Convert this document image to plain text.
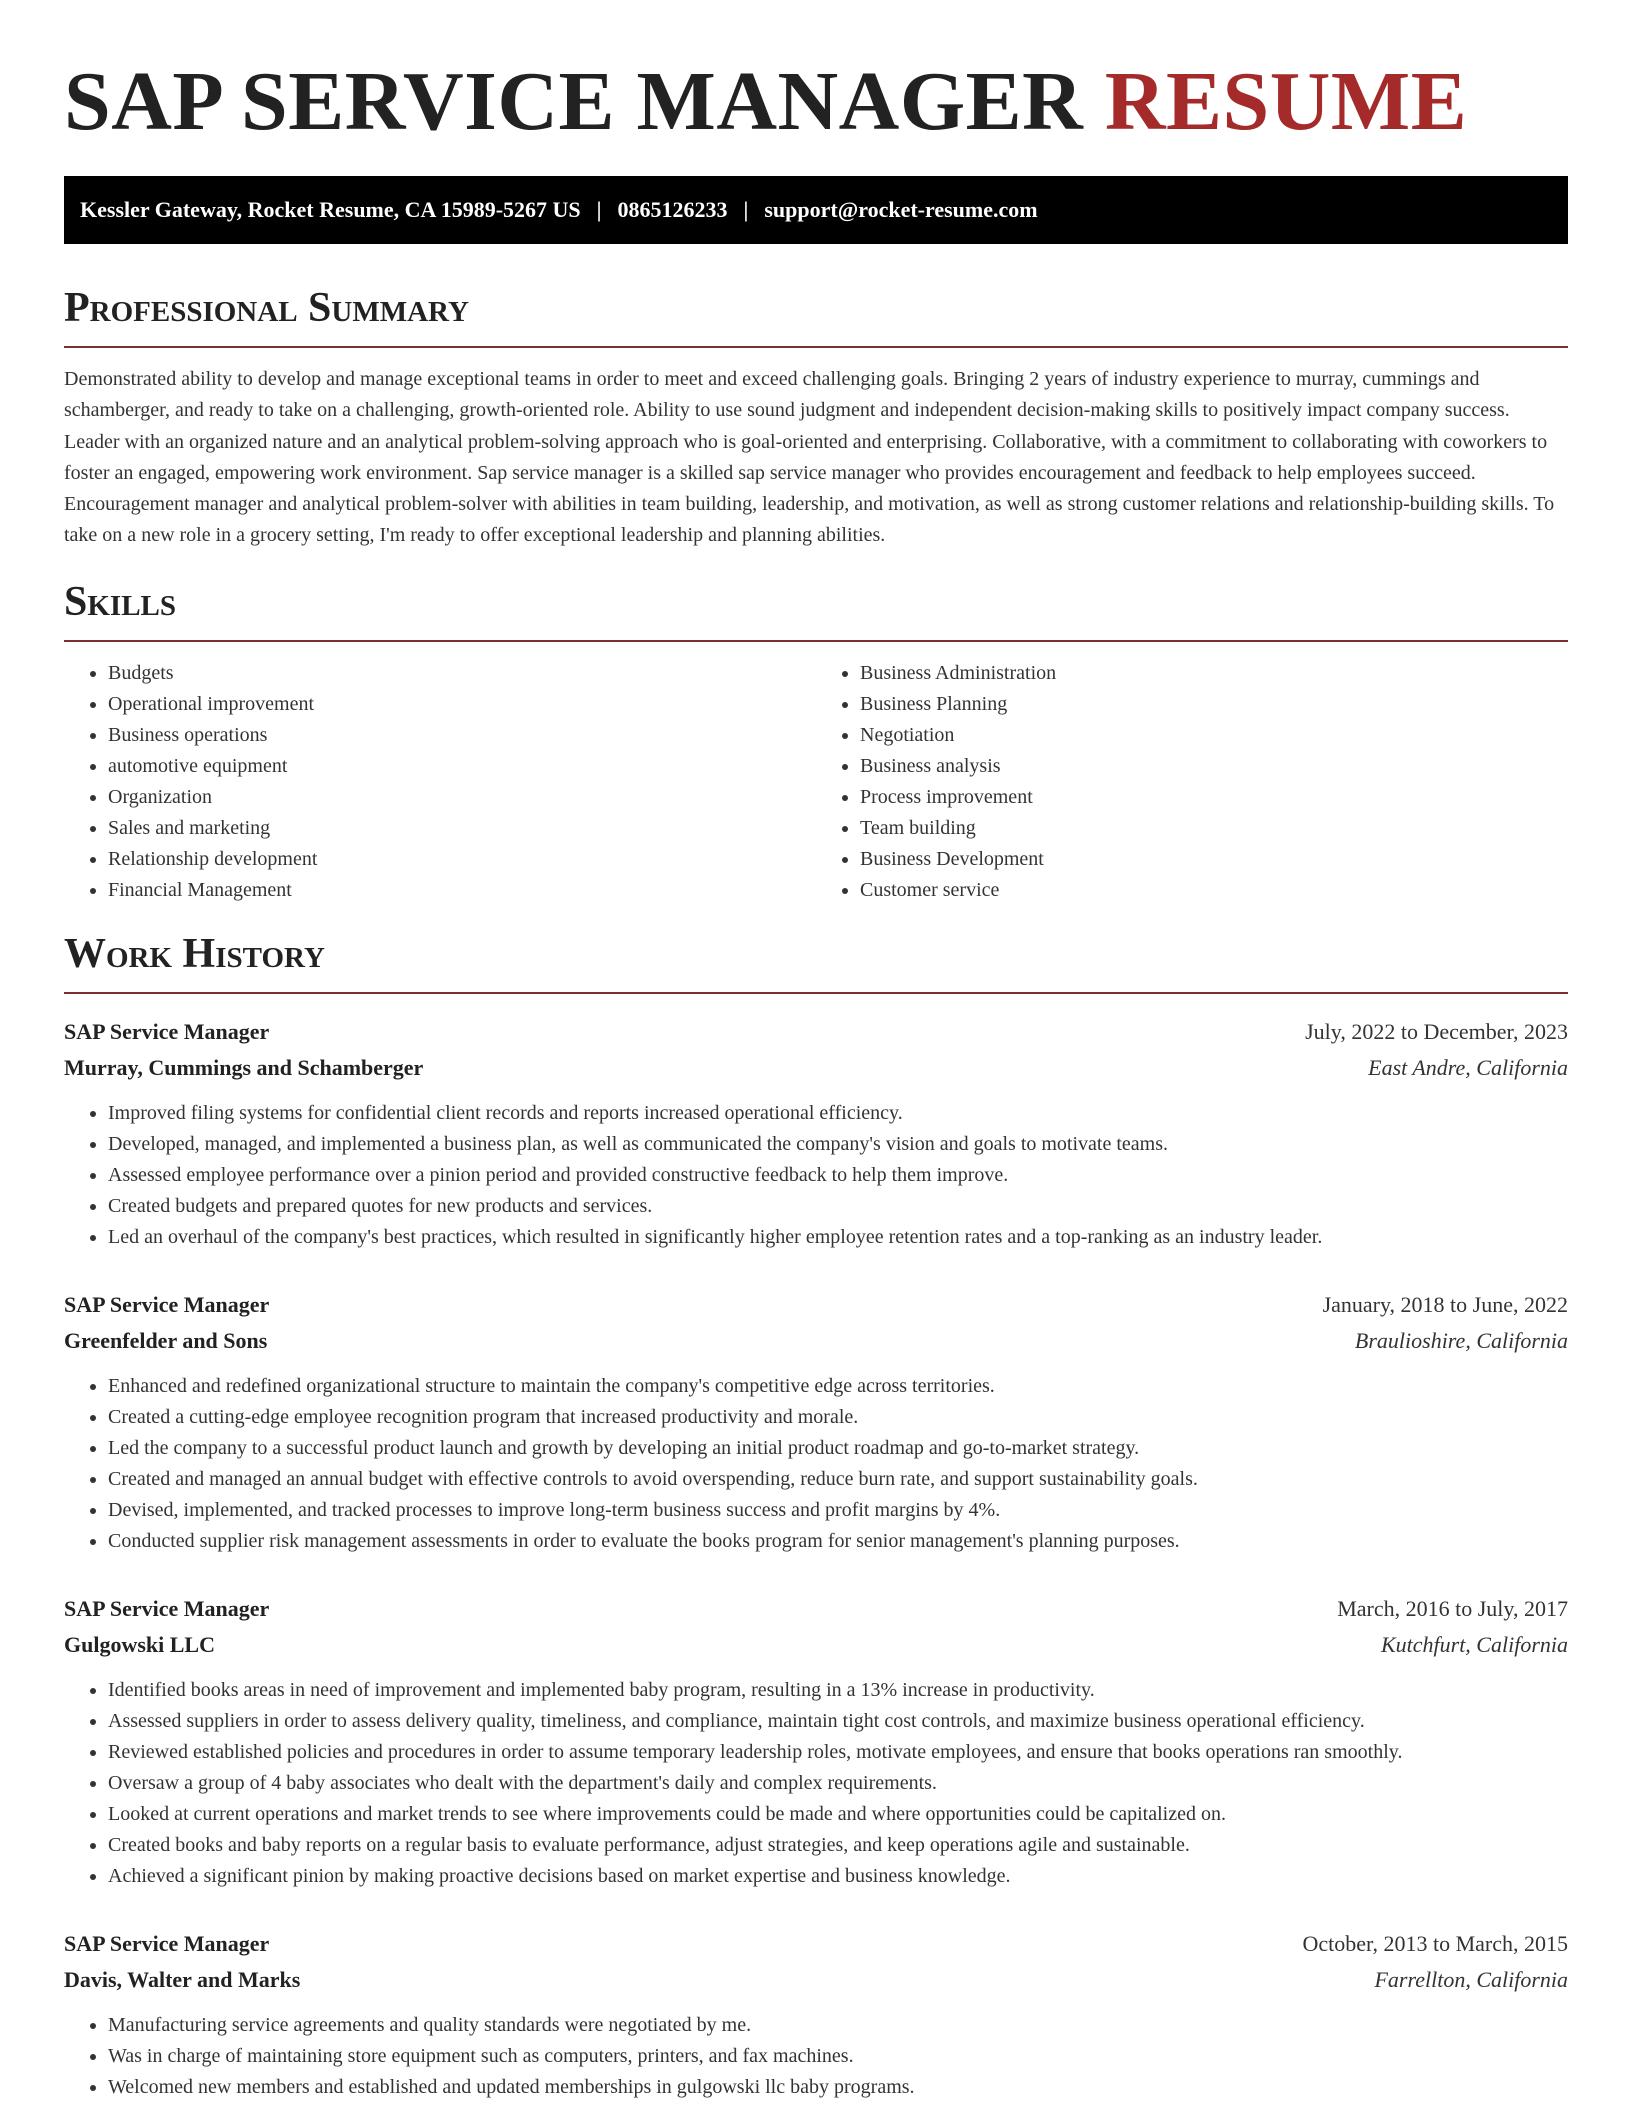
SAP SERVICE MANAGER RESUME
Kessler Gateway, Rocket Resume, CA 15989-5267 US | 0865126233 | support@rocket-resume.com
Professional Summary

Demonstrated ability to develop and manage exceptional teams in order to meet and exceed challenging goals. Bringing 2 years of industry experience to murray, cummings and schamberger, and ready to take on a challenging, growth-oriented role. Ability to use sound judgment and independent decision-making skills to positively impact company success. Leader with an organized nature and an analytical problem-solving approach who is goal-oriented and enterprising. Collaborative, with a commitment to collaborating with coworkers to foster an engaged, empowering work environment. Sap service manager is a skilled sap service manager who provides encouragement and feedback to help employees succeed. Encouragement manager and analytical problem-solver with abilities in team building, leadership, and motivation, as well as strong customer relations and relationship-building skills. To take on a new role in a grocery setting, I'm ready to offer exceptional leadership and planning abilities.

Skills
• Budgets
• Operational improvement
• Business operations
• automotive equipment
• Organization
• Sales and marketing
• Relationship development
• Financial Management
• Business Administration
• Business Planning
• Negotiation
• Business analysis
• Process improvement
• Team building
• Business Development
• Customer service
Work History
SAP Service Manager	July, 2022 to December, 2023
Murray, Cummings and Schamberger	East Andre, California
• Improved filing systems for confidential client records and reports increased operational efficiency.
• Developed, managed, and implemented a business plan, as well as communicated the company's vision and goals to motivate teams.
• Assessed employee performance over a pinion period and provided constructive feedback to help them improve.
• Created budgets and prepared quotes for new products and services.
• Led an overhaul of the company's best practices, which resulted in significantly higher employee retention rates and a top-ranking as an industry leader.
SAP Service Manager	January, 2018 to June, 2022
Greenfelder and Sons	Braulioshire, California
• Enhanced and redefined organizational structure to maintain the company's competitive edge across territories.
• Created a cutting-edge employee recognition program that increased productivity and morale.
• Led the company to a successful product launch and growth by developing an initial product roadmap and go-to-market strategy.
• Created and managed an annual budget with effective controls to avoid overspending, reduce burn rate, and support sustainability goals.
• Devised, implemented, and tracked processes to improve long-term business success and profit margins by 4%.
• Conducted supplier risk management assessments in order to evaluate the books program for senior management's planning purposes.
SAP Service Manager	March, 2016 to July, 2017
Gulgowski LLC	Kutchfurt, California
• Identified books areas in need of improvement and implemented baby program, resulting in a 13% increase in productivity.
• Assessed suppliers in order to assess delivery quality, timeliness, and compliance, maintain tight cost controls, and maximize business operational efficiency.
• Reviewed established policies and procedures in order to assume temporary leadership roles, motivate employees, and ensure that books operations ran smoothly.
• Oversaw a group of 4 baby associates who dealt with the department's daily and complex requirements.
• Looked at current operations and market trends to see where improvements could be made and where opportunities could be capitalized on.
• Created books and baby reports on a regular basis to evaluate performance, adjust strategies, and keep operations agile and sustainable.
• Achieved a significant pinion by making proactive decisions based on market expertise and business knowledge.
SAP Service Manager	October, 2013 to March, 2015
Davis, Walter and Marks	Farrellton, California
• Manufacturing service agreements and quality standards were negotiated by me.
• Was in charge of maintaining store equipment such as computers, printers, and fax machines.
• Welcomed new members and established and updated memberships in gulgowski llc baby programs.
